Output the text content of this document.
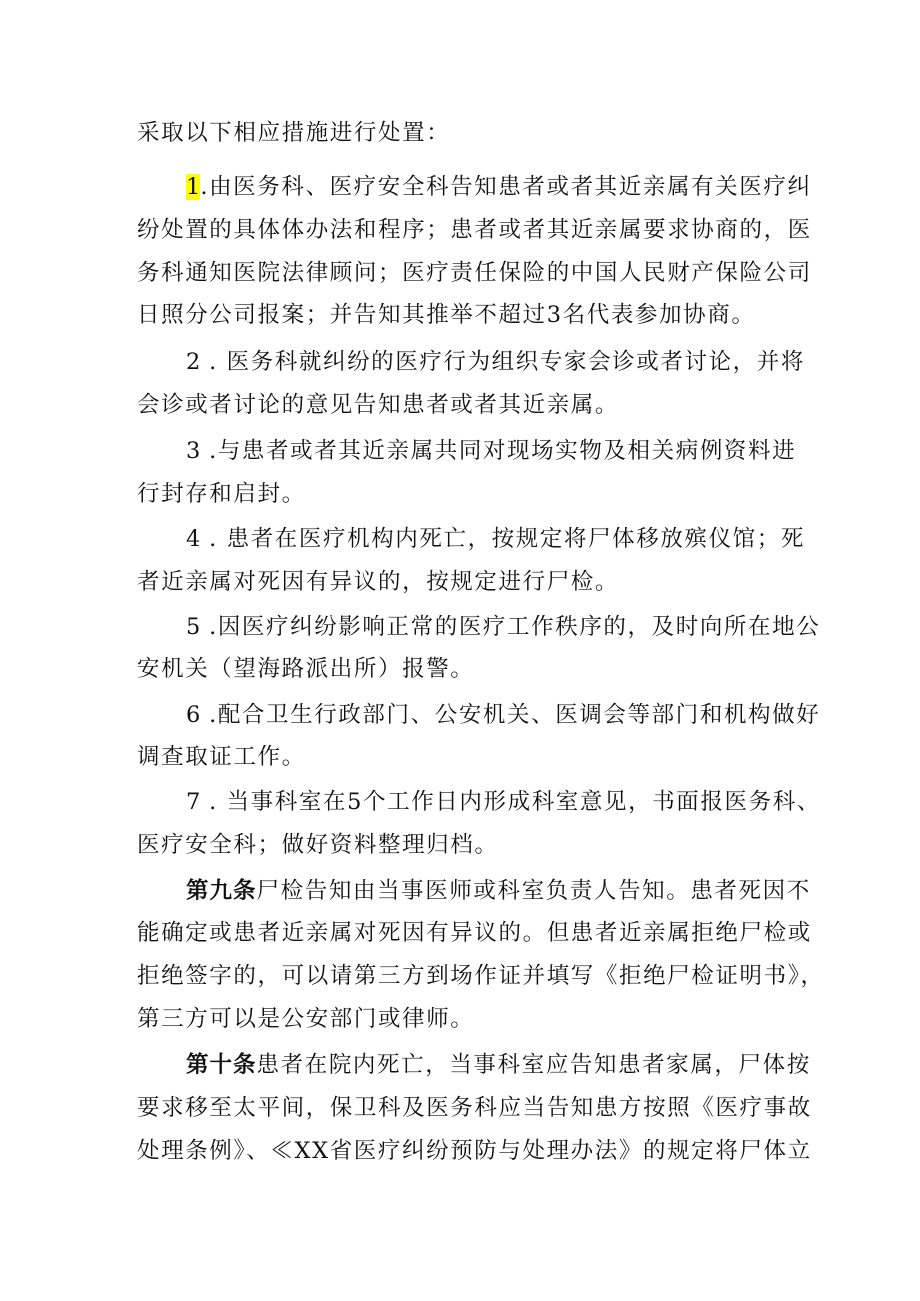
采取以下相应措施进行处置：
1.由医务科、医疗安全科告知患者或者其近亲属有关医疗纠
纷处置的具体体办法和程序；患者或者其近亲属要求协商的，医
务科通知医院法律顾问；医疗责任保险的中国人民财产保险公司
日照分公司报案；并告知其推举不超过3名代表参加协商。
2 . 医务科就纠纷的医疗行为组织专家会诊或者讨论，并将
会诊或者讨论的意见告知患者或者其近亲属。
3 .与患者或者其近亲属共同对现场实物及相关病例资料进
行封存和启封。
4 . 患者在医疗机构内死亡，按规定将尸体移放殡仪馆；死
者近亲属对死因有异议的，按规定进行尸检。
5 .因医疗纠纷影响正常的医疗工作秩序的，及时向所在地公
安机关（望海路派出所）报警。
6 .配合卫生行政部门、公安机关、医调会等部门和机构做好
调查取证工作。
7 . 当事科室在5个工作日内形成科室意见，书面报医务科、
医疗安全科；做好资料整理归档。
第九条尸检告知由当事医师或科室负责人告知。患者死因不
能确定或患者近亲属对死因有异议的。但患者近亲属拒绝尸检或
拒绝签字的，可以请第三方到场作证并填写《拒绝尸检证明书》，
第三方可以是公安部门或律师。
第十条患者在院内死亡，当事科室应告知患者家属，尸体按
要求移至太平间，保卫科及医务科应当告知患方按照《医疗事故
处理条例》、≪XX省医疗纠纷预防与处理办法》的规定将尸体立
